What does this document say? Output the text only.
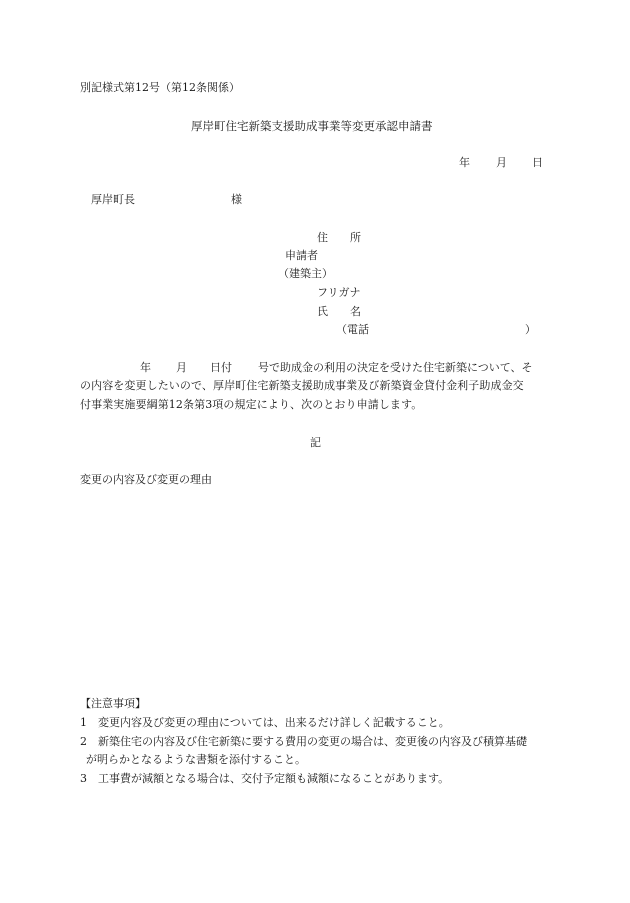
別記様式第12号（第12条関係）
厚岸町住宅新築支援助成事業等変更承認申請書
年 月 日
厚岸町長	様
住　　所
申請者
（建築主）
フリガナ
氏　　名
（電話	）
年 月 日付 号で助成金の利用の決定を受けた住宅新築について、そ
の内容を変更したいので、厚岸町住宅新築支援助成事業及び新築資金貸付金利子助成金交
付事業実施要綱第12条第3項の規定により、次のとおり申請します。
記
変更の内容及び変更の理由
【注意事項】
1 変更内容及び変更の理由については、出来るだけ詳しく記載すること。
2 新築住宅の内容及び住宅新築に要する費用の変更の場合は、変更後の内容及び積算基礎
が明らかとなるような書類を添付すること。
3 工事費が減額となる場合は、交付予定額も減額になることがあります。
